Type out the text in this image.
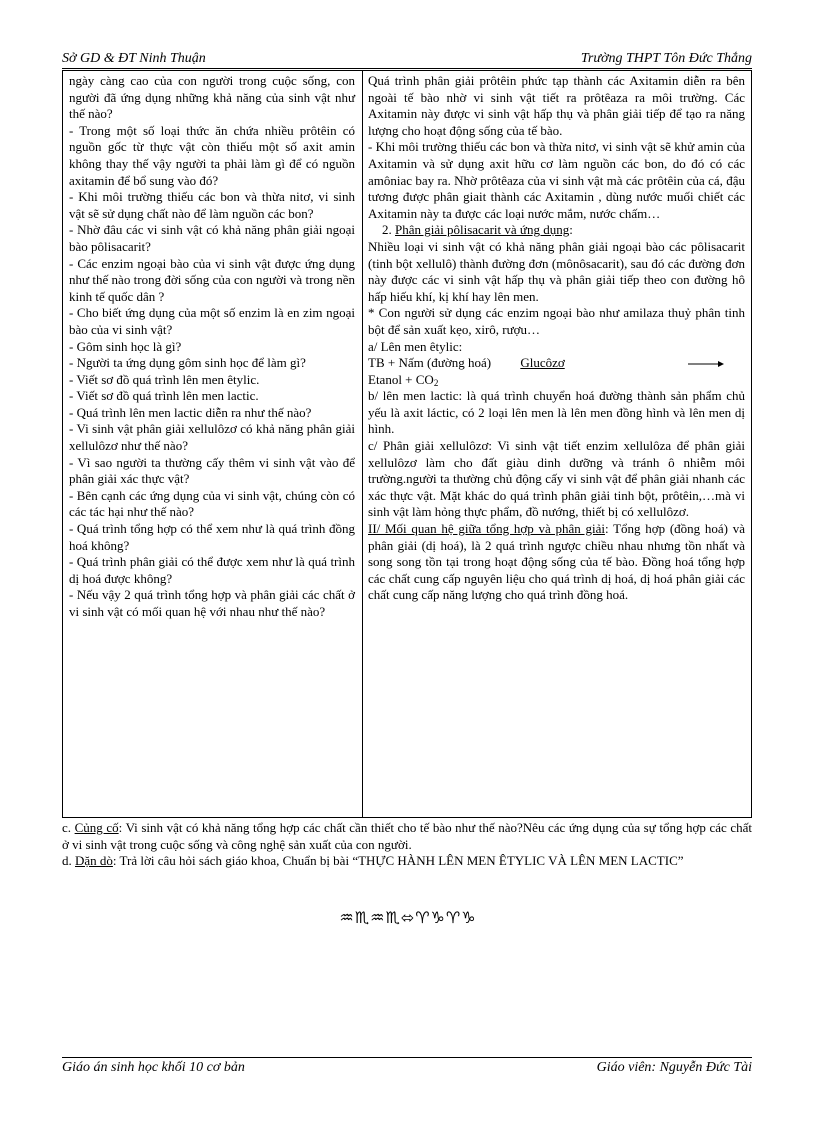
Sở GD & ĐT Ninh Thuận	Trường THPT Tôn Đức Thắng

ngày càng cao của con người trong cuộc sống, con người đã ứng dụng những khả năng của sinh vật như thế nào?

- Trong một số loại thức ăn chứa nhiều prôtêin có nguồn gốc từ thực vật còn thiếu một số axit amin không thay thế vậy người ta phải làm gì để có nguồn axitamin để bổ sung vào đó?

- Khi môi trường thiếu các bon và thừa nitơ, vi sinh vật sẽ sử dụng chất nào để làm nguồn các bon?

- Nhờ đâu các vi sinh vật có khả năng phân giải ngoại bào pôlisacarit?

- Các enzim ngoại bào của vi sinh vật được ứng dụng như thế nào trong đời sống của con người và trong nền kinh tế quốc dân ?

- Cho biết ứng dụng của một số enzim là en zim ngoại bào của vi sinh vật?

- Gôm sinh học là gì?

- Người ta ứng dụng gôm sinh học để làm gì?

- Viết sơ đồ quá trình lên men êtylic.

- Viết sơ đồ quá trình lên men lactic.

- Quá trình lên men lactic diễn ra như thế nào?

- Vi sinh vật phân giải xellulôzơ có khả năng phân giải xellulôzơ như thế nào?

- Vì sao người ta thường cấy thêm vi sinh vật vào để phân giải xác thực vật?

- Bên cạnh các ứng dụng của vi sinh vật, chúng còn có các tác hại như thế nào?

- Quá trình tổng hợp có thể xem như là quá trình đồng hoá không?

- Quá trình phân giải có thể được xem như là quá trình dị hoá được không?

- Nếu vậy 2 quá trình tổng hợp và phân giải các chất ở vi sinh vật có mối quan hệ với nhau như thế nào?

Quá trình phân giải prôtêin phức tạp thành các Axitamin diễn ra bên ngoài tế bào nhờ vi sinh vật tiết ra prôtêaza ra môi trường. Các Axitamin này được vi sinh vật hấp thụ và phân giải tiếp để tạo ra năng lượng cho hoạt động sống của tế bào.

- Khi môi trường thiếu các bon và thừa nitơ, vi sinh vật sẽ khử amin của Axitamin và sử dụng axit hữu cơ làm nguồn các bon, do đó có các amôniac bay ra. Nhờ prôtêaza của vi sinh vật mà các prôtêin của cá, đậu tương được phân giait thành các Axitamin , dùng nước muối chiết các Axitamin này ta được các loại nước mắm, nước chấm…

2. Phân giải pôlisacarit và ứng dụng:

Nhiều loại vi sinh vật có khả năng phân giải ngoại bào các pôlisacarit (tinh bột xellulô) thành đường đơn (mônôsacarit), sau đó các đường đơn này được các vi sinh vật hấp thụ và phân giải tiếp theo con đường hô hấp hiếu khí, kị khí hay lên men.

* Con người sử dụng các enzim ngoại bào như amilaza thuỷ phân tinh bột để sản xuất kẹo, xirô, rượu…

a/ Lên men êtylic:

TB + Nấm (đường hoá) Glucôzơ

Etanol + $CO_2$

b/ lên men lactic: là quá trình chuyển hoá đường thành sản phẩm chủ yếu là axit láctic, có 2 loại lên men là lên men đồng hình và lên men dị hình.

c/ Phân giải xellulôzơ: Vi sinh vật tiết enzim xellulôza để phân giải xellulôzơ làm cho đất giàu dinh dưỡng và tránh ô nhiễm môi trường.người ta thường chủ động cấy vi sinh vật để phân giải nhanh các xác thực vật. Mặt khác do quá trình phân giải tinh bột, prôtêin,…mà vi sinh vật làm hỏng thực phẩm, đồ nướng, thiết bị có xellulôzơ.

II/ Mối quan hệ giữa tổng hợp và phân giải: Tổng hợp (đồng hoá) và phân giải (dị hoá), là 2 quá trình ngược chiều nhau nhưng tồn nhất và song song tồn tại trong hoạt động sống của tế bào. Đồng hoá tổng hợp các chất cung cấp nguyên liệu cho quá trình dị hoá, dị hoá phân giải các chất cung cấp năng lượng cho quá trình đồng hoá.

c. Củng cố: Vi sinh vật có khả năng tổng hợp các chất cần thiết cho tế bào như thế nào?Nêu các ứng dụng của sự tổng hợp các chất ở vi sinh vật trong cuộc sống và công nghệ sản xuất của con người.

d. Dặn dò: Trả lời câu hỏi sách giáo khoa, Chuẩn bị bài “THỰC HÀNH LÊN MEN ÊTYLIC VÀ LÊN MEN LACTIC”

♒♏♒♏⬄♈♑♈♑
Giáo án sinh học khối 10 cơ bản	Giáo viên: Nguyễn Đức Tài
